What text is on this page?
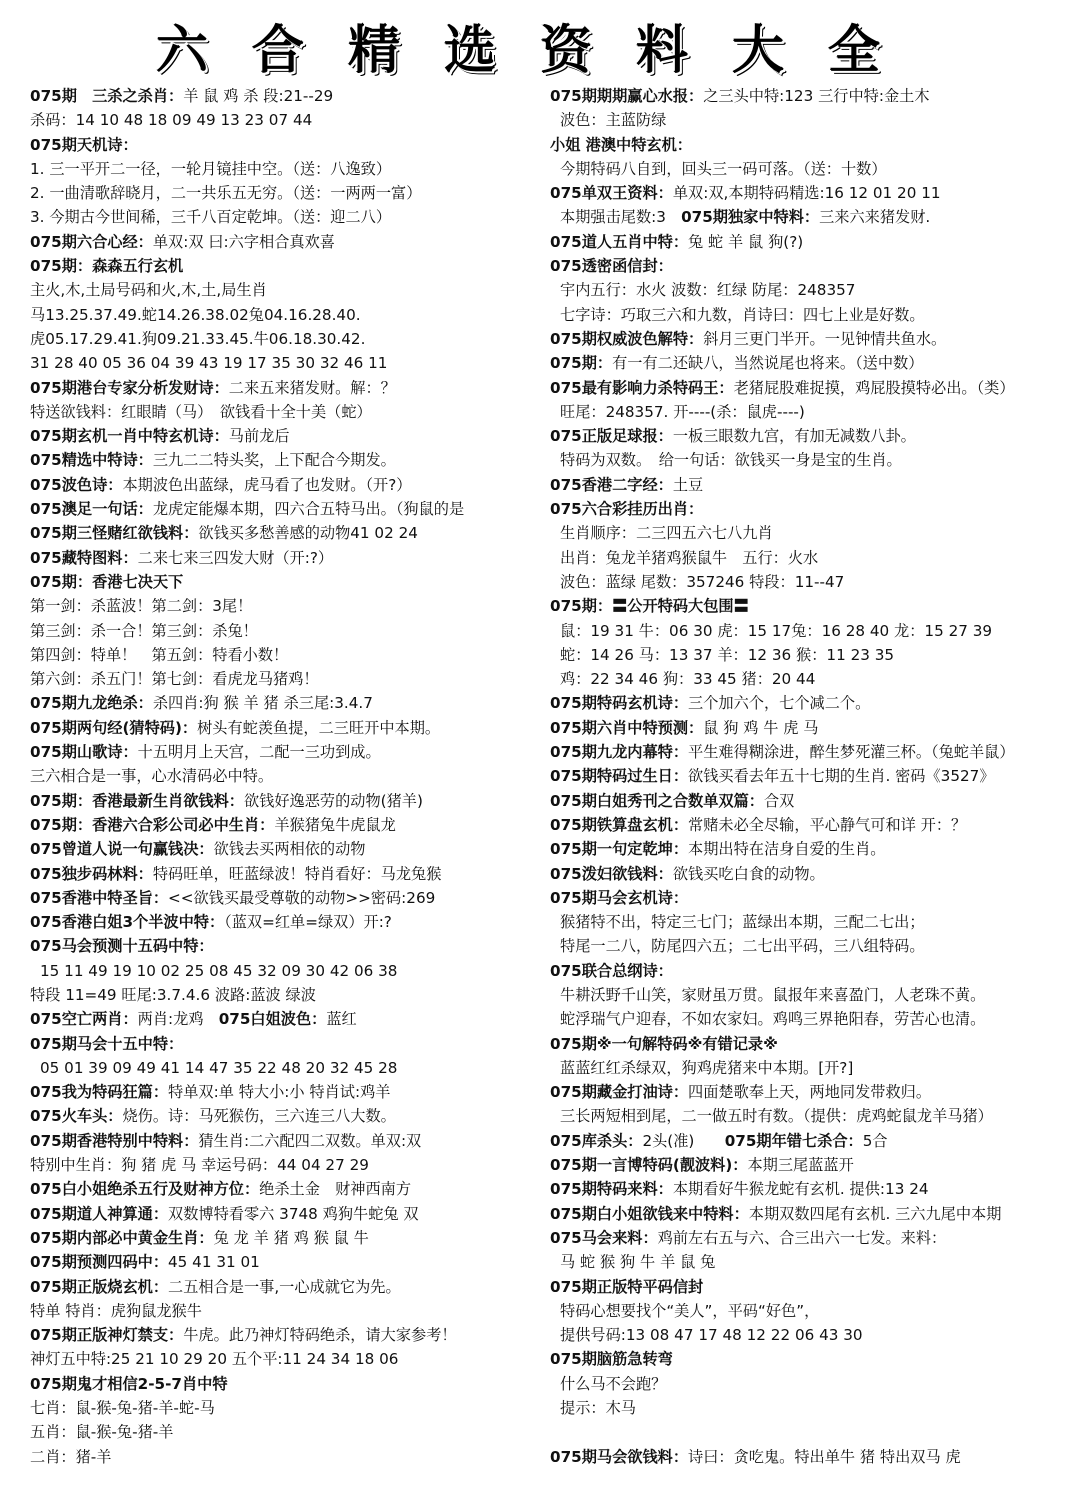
六合精选资料大全
075期　三杀之杀肖：羊 鼠 鸡 杀 段:21--29
杀码：14 10 48 18 09 49 13 23 07 44
075期天机诗：
1. 三一平开二一径，一轮月镜挂中空。（送：八逸致）
2. 一曲清歌辞晓月，二一共乐五无穷。（送：一两两一富）
3. 今期古今世间稀，三千八百定乾坤。（送：迎二八）
075期六合心经：单双:双 曰:六字相合真欢喜
075期：森森五行玄机
主火,木,土局号码和火,木,土,局生肖
马13.25.37.49.蛇14.26.38.02兔04.16.28.40.
虎05.17.29.41.狗09.21.33.45.牛06.18.30.42.
31 28 40 05 36 04 39 43 19 17 35 30 32 46 11
075期港台专家分析发财诗：二来五来猪发财。解：？
特送欲钱料：红眼睛（马）　欲钱看十全十美（蛇）
075期玄机一肖中特玄机诗：马前龙后
075精选中特诗：三九二二特头奖，上下配合今期发。
075波色诗：本期波色出蓝绿，虎马看了也发财。（开?）
075澳足一句话：龙虎定能爆本期，四六合五特马出。（狗鼠的是
075期三怪赌红欲钱料：欲钱买多愁善感的动物41 02 24
075藏特图料：二来七来三四发大财（开:?）
075期：香港七决天下
第一剑：杀蓝波！第二剑：3尾！
第三剑：杀一合！第三剑：杀兔！
第四剑：特单！　第五剑：特看小数！
第六剑：杀五门！第七剑：看虎龙马猪鸡！
075期九龙绝杀：杀四肖:狗 猴 羊 猪 杀三尾:3.4.7
075期两句经(猜特码)：树头有蛇羡鱼提，二三旺开中本期。
075期山歌诗：十五明月上天宫，二配一三功到成。
三六相合是一事，心水清码必中特。
075期：香港最新生肖欲钱料：欲钱好逸恶劳的动物(猪羊)
075期：香港六合彩公司必中生肖：羊猴猪兔牛虎鼠龙
075曾道人说一句赢钱决：欲钱去买两相依的动物
075独步码林料：特码旺单，旺蓝绿波！特肖看好：马龙兔猴
075香港中特圣旨：<<欲钱买最受尊敬的动物>>密码:269
075香港白姐3个半波中特：（蓝双=红单=绿双）开:?
075马会预测十五码中特：
15 11 49 19 10 02 25 08 45 32 09 30 42 06 38
特段 11=49 旺尾:3.7.4.6 波路:蓝波 绿波
075空亡两肖：两肖:龙鸡　075白姐波色：蓝红
075期马会十五中特：
05 01 39 09 49 41 14 47 35 22 48 20 32 45 28
075我为特码狂篇：特单双:单 特大小:小 特肖试:鸡羊
075火车头：烧伤。诗：马死猴伤，三六连三八大数。
075期香港特别中特料：猜生肖:二六配四二双数。单双:双
特别中生肖：狗 猪 虎 马 幸运号码：44 04 27 29
075白小姐绝杀五行及财神方位：绝杀土金　财神西南方
075期道人神算通：双数博特看零六 3748 鸡狗牛蛇兔 双
075期内部必中黄金生肖：兔 龙 羊 猪 鸡 猴 鼠 牛
075期预测四码中：45 41 31 01
075期正版烧玄机：二五相合是一事,一心成就它为先。
特单 特肖：虎狗鼠龙猴牛
075期正版神灯禁支：牛虎。此乃神灯特码绝杀，请大家参考！
神灯五中特:25 21 10 29 20 五个平:11 24 34 18 06
075期鬼才相信2-5-7肖中特
七肖：鼠-猴-兔-猪-羊-蛇-马
五肖：鼠-猴-兔-猪-羊
二肖：猪-羊
075期期期赢心水报：之三头中特:123 三行中特:金土木
波色：主蓝防绿
小姐 港澳中特玄机：
今期特码八自到，回头三一码可落。（送：十数）
075单双王资料：单双:双,本期特码精选:16 12 01 20 11
本期强击尾数:3　075期独家中特料：三来六来猪发财.
075道人五肖中特：兔 蛇 羊 鼠 狗(?)
075透密函信封：
宇内五行：水火 波数：红绿 防尾：248357
七字诗：巧取三六和九数，肖诗曰：四七上业是好数。
075期权威波色解特：斜月三更门半开。一见钟情共鱼水。
075期：有一有二还缺八，当然说尾也将来。（送中数）
075最有影响力杀特码王：老猪屁股难捉摸，鸡屁股摸特必出。（类）
旺尾：248357. 开----(杀：鼠虎----)
075正版足球报：一板三眼数九宫，有加无减数八卦。
特码为双数。　给一句话：欲钱买一身是宝的生肖。
075香港二字经：土豆
075六合彩挂历出肖：
生肖顺序：二三四五六七八九肖
出肖：兔龙羊猪鸡猴鼠牛　五行：火水
波色：蓝绿 尾数：357246 特段：11--47
075期：〓公开特码大包围〓
鼠：19 31 牛：06 30 虎：15 17兔：16 28 40 龙：15 27 39
蛇：14 26 马：13 37 羊：12 36 猴：11 23 35
鸡：22 34 46 狗：33 45 猪：20 44
075期特码玄机诗：三个加六个，七个减二个。
075期六肖中特预测：鼠 狗 鸡 牛 虎 马
075期九龙内幕特：平生难得糊涂进，醉生梦死灌三杯。（兔蛇羊鼠）
075期特码过生日：欲钱买看去年五十七期的生肖. 密码《3527》
075期白姐秀刊之合数单双篇：合双
075期铁算盘玄机：常赌未必全尽输，平心静气可和详 开：？
075期一句定乾坤：本期出特在洁身自爱的生肖。
075泼妇欲钱料：欲钱买吃白食的动物。
075期马会玄机诗：
猴猪特不出，特定三七门；蓝绿出本期，三配二七出；
特尾一二八，防尾四六五；二七出平码，三八组特码。
075联合总纲诗：
牛耕沃野千山笑，家财虽万贯。鼠报年来喜盈门，人老珠不黄。
蛇浮瑞气户迎春，不如农家妇。鸡鸣三界艳阳春，劳苦心也清。
075期※一句解特码※有错记录※
蓝蓝红红杀绿双，狗鸡虎猪来中本期。[开?]
075期藏金打油诗：四面楚歌奉上天，两地同发带救归。
三长两短相到尾，二一做五时有数。（提供：虎鸡蛇鼠龙羊马猪）
075库杀头：2头(准)　　075期年错七杀合：5合
075期一言博特码(靓波料)：本期三尾蓝蓝开
075期特码来料：本期看好牛猴龙蛇有玄机. 提供:13 24
075期白小姐欲钱来中特料：本期双数四尾有玄机. 三六九尾中本期
075马会来料：鸡前左右五与六、合三出六一七发。来料：
马 蛇 猴 狗 牛 羊 鼠 兔
075期正版特平码信封
特码心想要找个“美人”，平码“好色”，
提供号码:13 08 47 17 48 12 22 06 43 30
075期脑筋急转弯
什么马不会跑？
提示：木马
075期马会欲钱料：诗曰：贪吃鬼。特出单牛 猪 特出双马 虎
